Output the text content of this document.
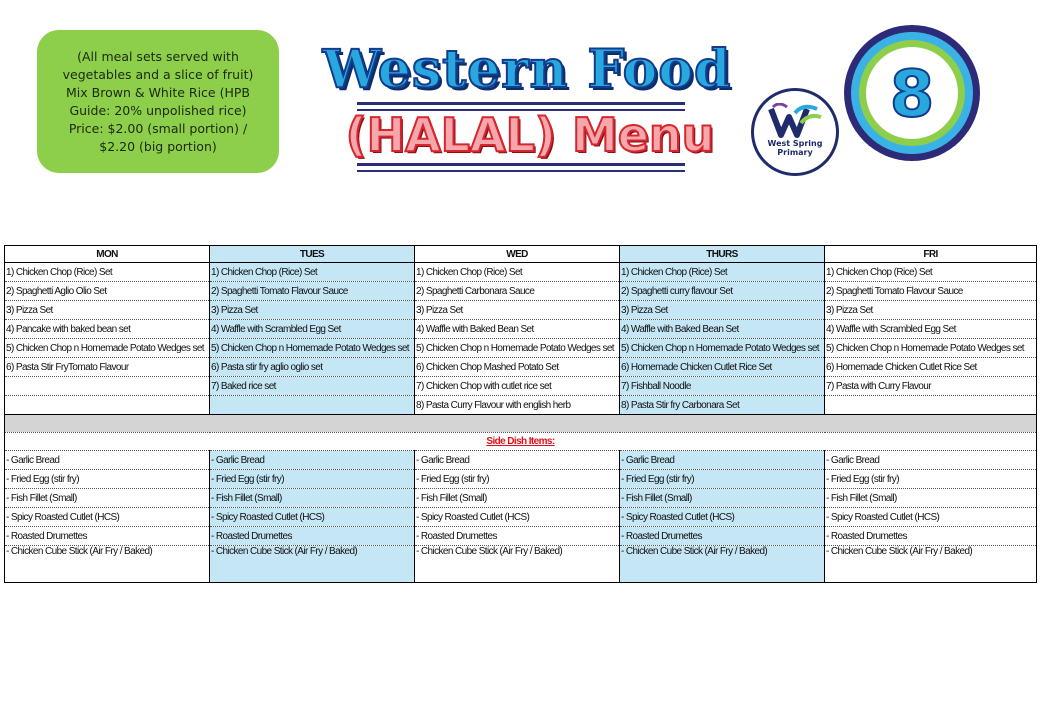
(All meal sets served with
vegetables and a slice of fruit)
Mix Brown & White Rice (HPB
Guide: 20% unpolished rice)
Price: $2.00 (small portion) /
$2.20 (big portion)
Western Food
(HALAL) Menu	West Spring
Primary
8
MON	TUES	WED	THURS	FRI
1) Chicken Chop (Rice) Set	1) Chicken Chop (Rice) Set	1) Chicken Chop (Rice) Set	1) Chicken Chop (Rice) Set	1) Chicken Chop (Rice) Set
2) Spaghetti Aglio Olio Set	2) Spaghetti Tomato Flavour Sauce	2) Spaghetti Carbonara Sauce	2) Spaghetti curry flavour Set	2) Spaghetti Tomato Flavour Sauce
3) Pizza Set	3) Pizza Set	3) Pizza Set	3) Pizza Set	3) Pizza Set
4) Pancake with baked bean set	4) Waffle with Scrambled Egg Set	4) Waffle with Baked Bean Set	4) Waffle with Baked Bean Set	4) Waffle with Scrambled Egg Set
5) Chicken Chop n Homemade Potato Wedges set	5) Chicken Chop n Homemade Potato Wedges set	5) Chicken Chop n Homemade Potato Wedges set	5) Chicken Chop n Homemade Potato Wedges set	5) Chicken Chop n Homemade Potato Wedges set
6) Pasta Stir FryTomato Flavour	6) Pasta stir fry aglio oglio set	6) Chicken Chop Mashed Potato Set	6) Homemade Chicken Cutlet Rice Set	6) Homemade Chicken Cutlet Rice Set
	7) Baked rice set	7) Chicken Chop with cutlet rice set	7) Fishball Noodle	7) Pasta with Curry Flavour
		8) Pasta Curry Flavour with english herb	8) Pasta Stir fry Carbonara Set	

Side Dish Items:				
- Garlic Bread	- Garlic Bread	- Garlic Bread	- Garlic Bread	- Garlic Bread
- Fried Egg (stir fry)	- Fried Egg (stir fry)	- Fried Egg (stir fry)	- Fried Egg (stir fry)	- Fried Egg (stir fry)
- Fish Fillet (Small)	- Fish Fillet (Small)	- Fish Fillet (Small)	- Fish Fillet (Small)	- Fish Fillet (Small)
- Spicy Roasted Cutlet (HCS)	- Spicy Roasted Cutlet (HCS)	- Spicy Roasted Cutlet (HCS)	- Spicy Roasted Cutlet (HCS)	- Spicy Roasted Cutlet (HCS)
- Roasted Drumettes	- Roasted Drumettes	- Roasted Drumettes	- Roasted Drumettes	- Roasted Drumettes
- Chicken Cube Stick (Air Fry / Baked)	- Chicken Cube Stick (Air Fry / Baked)	- Chicken Cube Stick (Air Fry / Baked)	- Chicken Cube Stick (Air Fry / Baked)	- Chicken Cube Stick (Air Fry / Baked)
